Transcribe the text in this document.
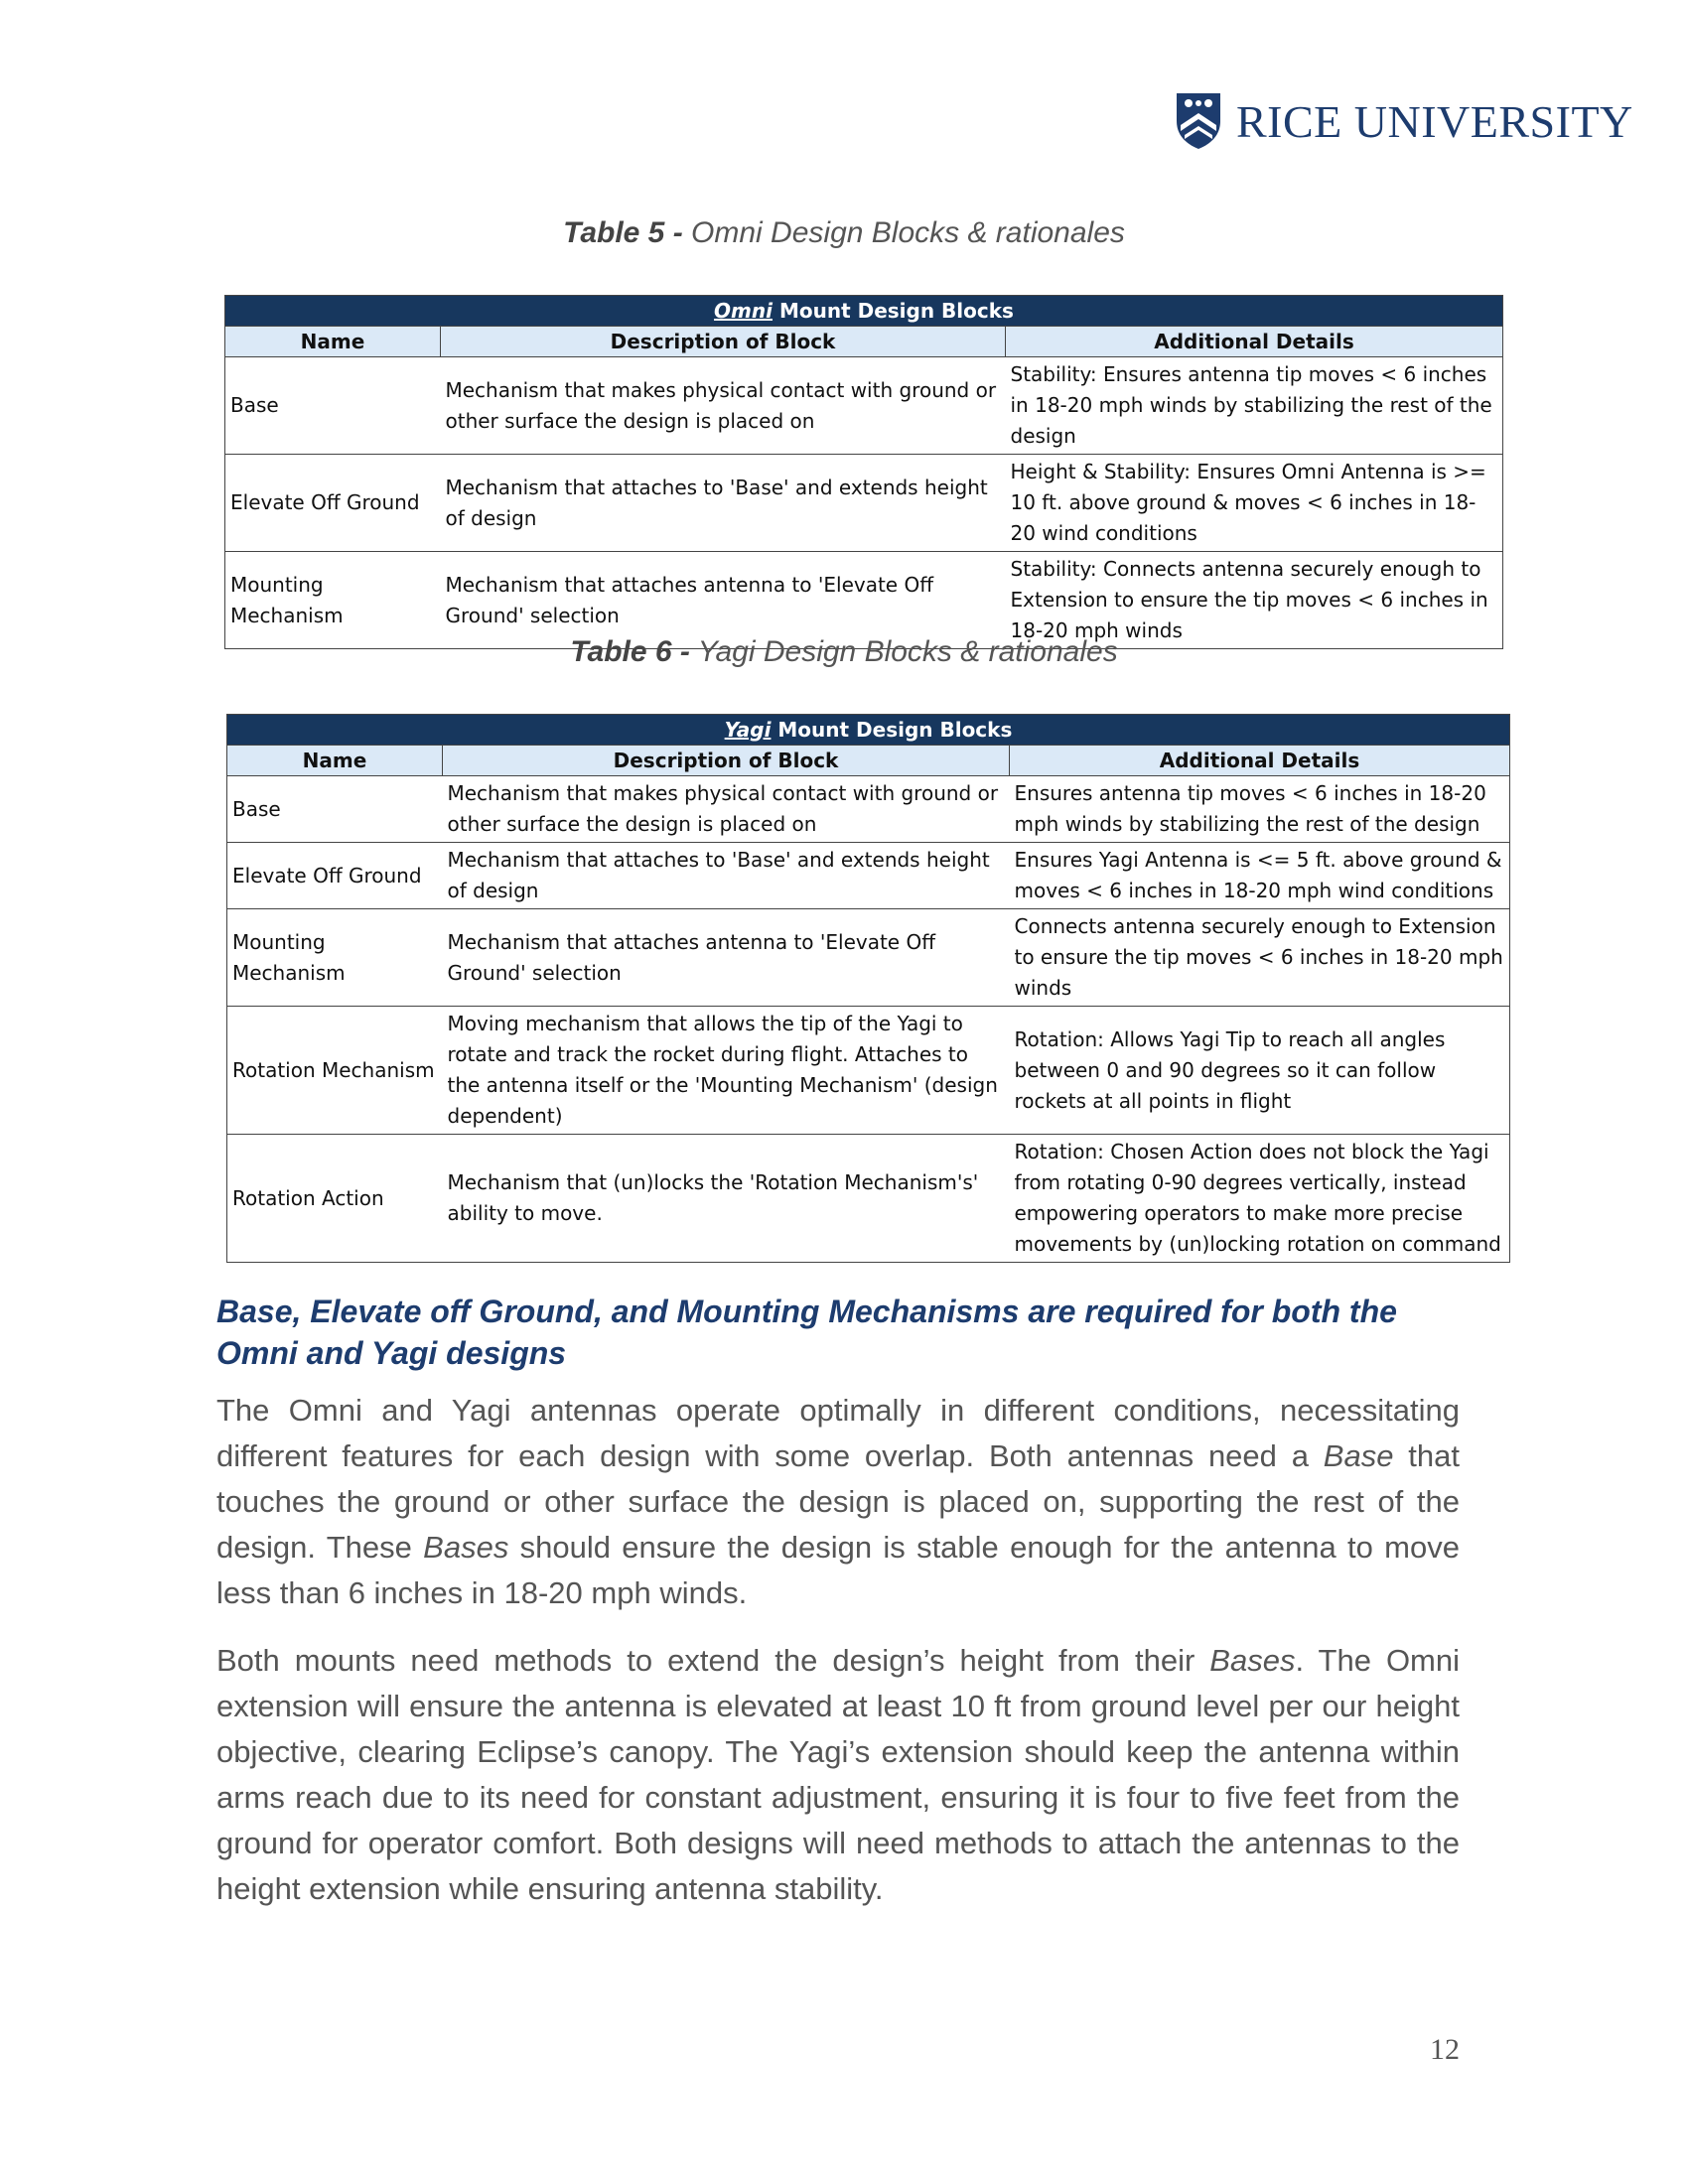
RICE UNIVERSITY
Table 5 - Omni Design Blocks & rationales
Omni Mount Design Blocks		
Name	Description of Block	Additional Details
Base	Mechanism that makes physical contact with ground or other surface the design is placed on	Stability: Ensures antenna tip moves < 6 inches in 18-20 mph winds by stabilizing the rest of the design
Elevate Off Ground	Mechanism that attaches to 'Base' and extends height of design	Height & Stability: Ensures Omni Antenna is >= 10 ft. above ground & moves < 6 inches in 18-20 wind conditions
Mounting Mechanism	Mechanism that attaches antenna to 'Elevate Off Ground' selection	Stability: Connects antenna securely enough to Extension to ensure the tip moves < 6 inches in 18-20 mph winds
Table 6 - Yagi Design Blocks & rationales
Yagi Mount Design Blocks		
Name	Description of Block	Additional Details
Base	Mechanism that makes physical contact with ground or other surface the design is placed on	Ensures antenna tip moves < 6 inches in 18-20 mph winds by stabilizing the rest of the design
Elevate Off Ground	Mechanism that attaches to 'Base' and extends height of design	Ensures Yagi Antenna is <= 5 ft. above ground & moves < 6 inches in 18-20 mph wind conditions
Mounting Mechanism	Mechanism that attaches antenna to 'Elevate Off Ground' selection	Connects antenna securely enough to Extension to ensure the tip moves < 6 inches in 18-20 mph winds
Rotation Mechanism	Moving mechanism that allows the tip of the Yagi to rotate and track the rocket during flight. Attaches to the antenna itself or the 'Mounting Mechanism' (design dependent)	Rotation: Allows Yagi Tip to reach all angles between 0 and 90 degrees so it can follow rockets at all points in flight
Rotation Action	Mechanism that (un)locks the 'Rotation Mechanism's' ability to move.	Rotation: Chosen Action does not block the Yagi from rotating 0-90 degrees vertically, instead empowering operators to make more precise movements by (un)locking rotation on command
Base, Elevate off Ground, and Mounting Mechanisms are required for both the Omni and Yagi designs

The Omni and Yagi antennas operate optimally in different conditions, necessitating different features for each design with some overlap. Both antennas need a Base that touches the ground or other surface the design is placed on, supporting the rest of the design. These Bases should ensure the design is stable enough for the antenna to move less than 6 inches in 18-20 mph winds.

Both mounts need methods to extend the design’s height from their Bases. The Omni extension will ensure the antenna is elevated at least 10 ft from ground level per our height objective, clearing Eclipse’s canopy. The Yagi’s extension should keep the antenna within arms reach due to its need for constant adjustment, ensuring it is four to five feet from the ground for operator comfort. Both designs will need methods to attach the antennas to the height extension while ensuring antenna stability.

12
